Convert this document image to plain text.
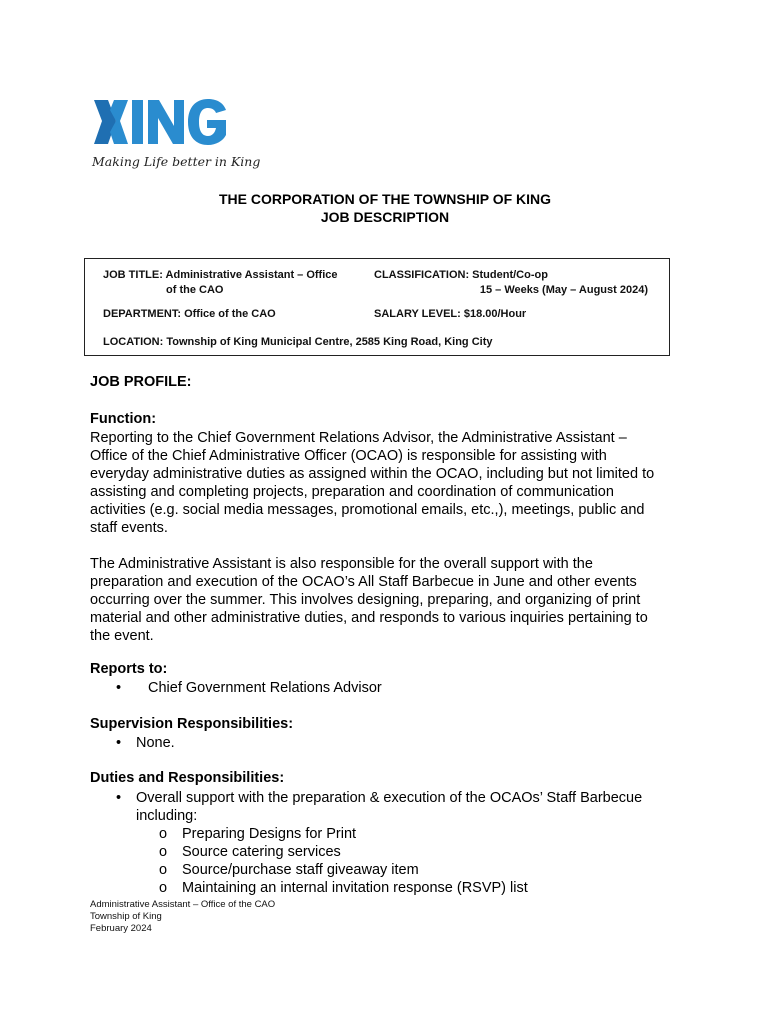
Making Life better in King
THE CORPORATION OF THE TOWNSHIP OF KING
JOB DESCRIPTION
JOB TITLE: Administrative Assistant – Office
of the CAO
CLASSIFICATION: Student/Co-op
15 – Weeks (May – August 2024)
DEPARTMENT: Office of the CAO	SALARY LEVEL: $18.00/Hour
LOCATION: Township of King Municipal Centre, 2585 King Road, King City
JOB PROFILE:
Function:
Reporting to the Chief Government Relations Advisor, the Administrative Assistant –
Office of the Chief Administrative Officer (OCAO) is responsible for assisting with
everyday administrative duties as assigned within the OCAO, including but not limited to
assisting and completing projects, preparation and coordination of communication
activities (e.g. social media messages, promotional emails, etc.,), meetings, public and
staff events.
The Administrative Assistant is also responsible for the overall support with the
preparation and execution of the OCAO’s All Staff Barbecue in June and other events
occurring over the summer. This involves designing, preparing, and organizing of print
material and other administrative duties, and responds to various inquiries pertaining to
the event.
Reports to:
• Chief Government Relations Advisor
Supervision Responsibilities:
• None.
Duties and Responsibilities:
• Overall support with the preparation & execution of the OCAOs’ Staff Barbecue
including:
o Preparing Designs for Print
o Source catering services
o Source/purchase staff giveaway item
o Maintaining an internal invitation response (RSVP) list
Administrative Assistant – Office of the CAO
Township of King
February 2024
